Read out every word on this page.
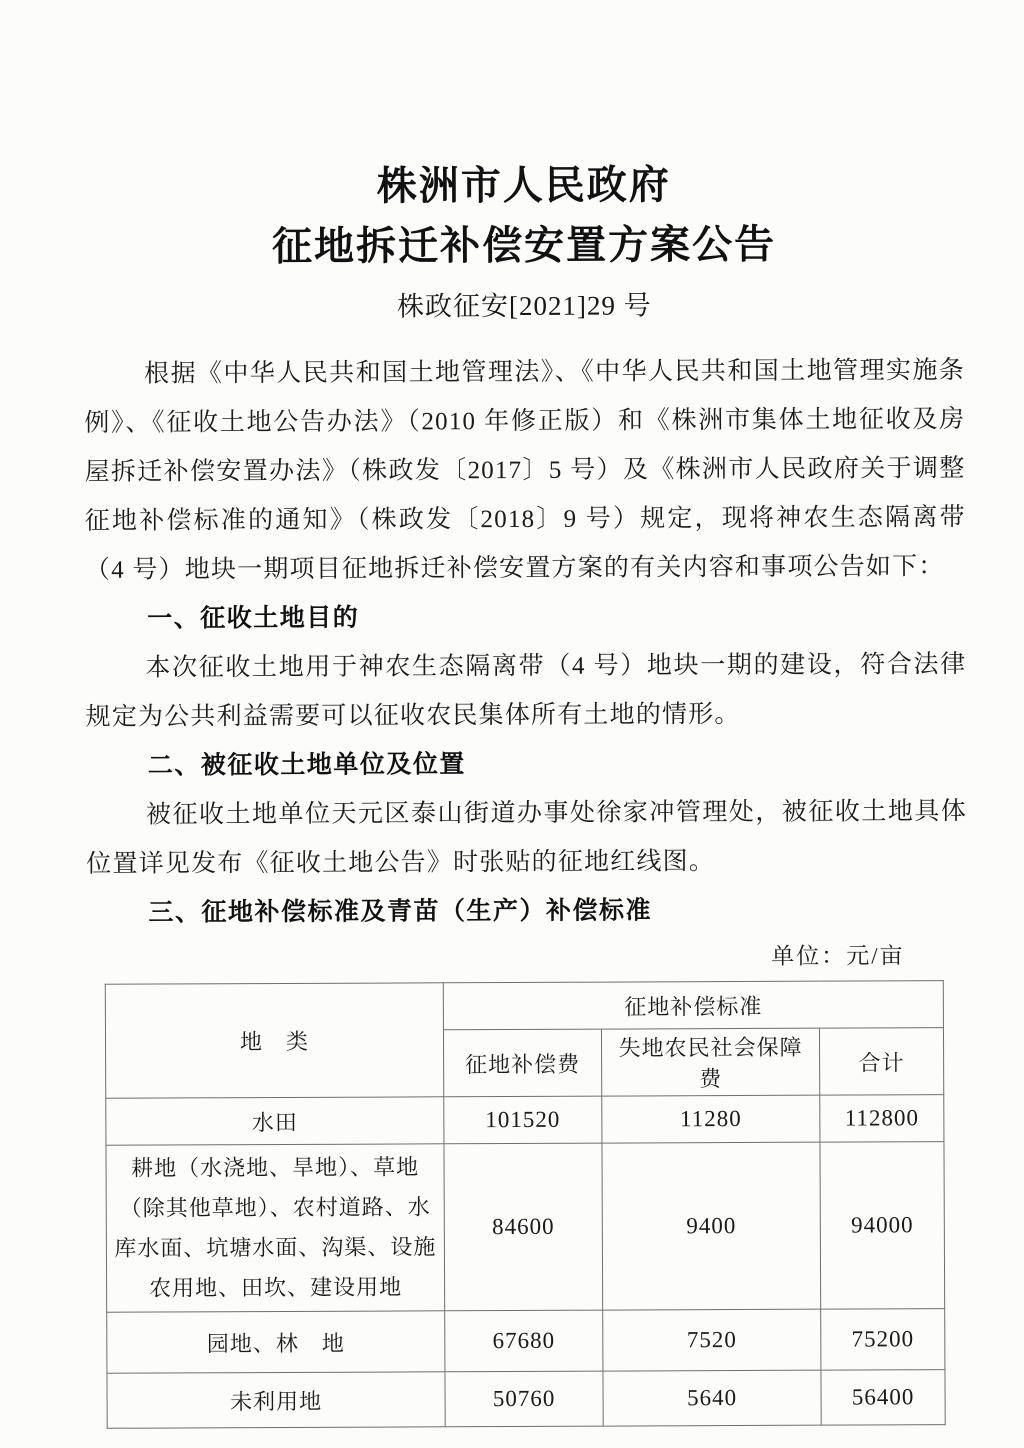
株洲市人民政府
征地拆迁补偿安置方案公告
株政征安[2021]29 号

根据《中华人民共和国土地管理法》、《中华人民共和国土地管理实施条例》、《征收土地公告办法》（2010 年修正版）和《株洲市集体土地征收及房屋拆迁补偿安置办法》（株政发〔2017〕5 号）及《株洲市人民政府关于调整征地补偿标准的通知》（株政发〔2018〕9 号）规定，现将神农生态隔离带（4 号）地块一期项目征地拆迁补偿安置方案的有关内容和事项公告如下：

一、征收土地目的

本次征收土地用于神农生态隔离带（4 号）地块一期的建设，符合法律规定为公共利益需要可以征收农民集体所有土地的情形。

二、被征收土地单位及位置

被征收土地单位天元区泰山街道办事处徐家冲管理处，被征收土地具体位置详见发布《征收土地公告》时张贴的征地红线图。

三、征地补偿标准及青苗（生产）补偿标准
单位：元/亩
地　类	征地补偿标准		
	征地补偿费	失地农民社会保障费	合计
水田	101520	11280	112800
耕地（水浇地、旱地）、草地（除其他草地）、农村道路、水库水面、坑塘水面、沟渠、设施农用地、田坎、建设用地	84600	9400	94000
园地、林　地	67680	7520	75200
未利用地	50760	5640	56400
